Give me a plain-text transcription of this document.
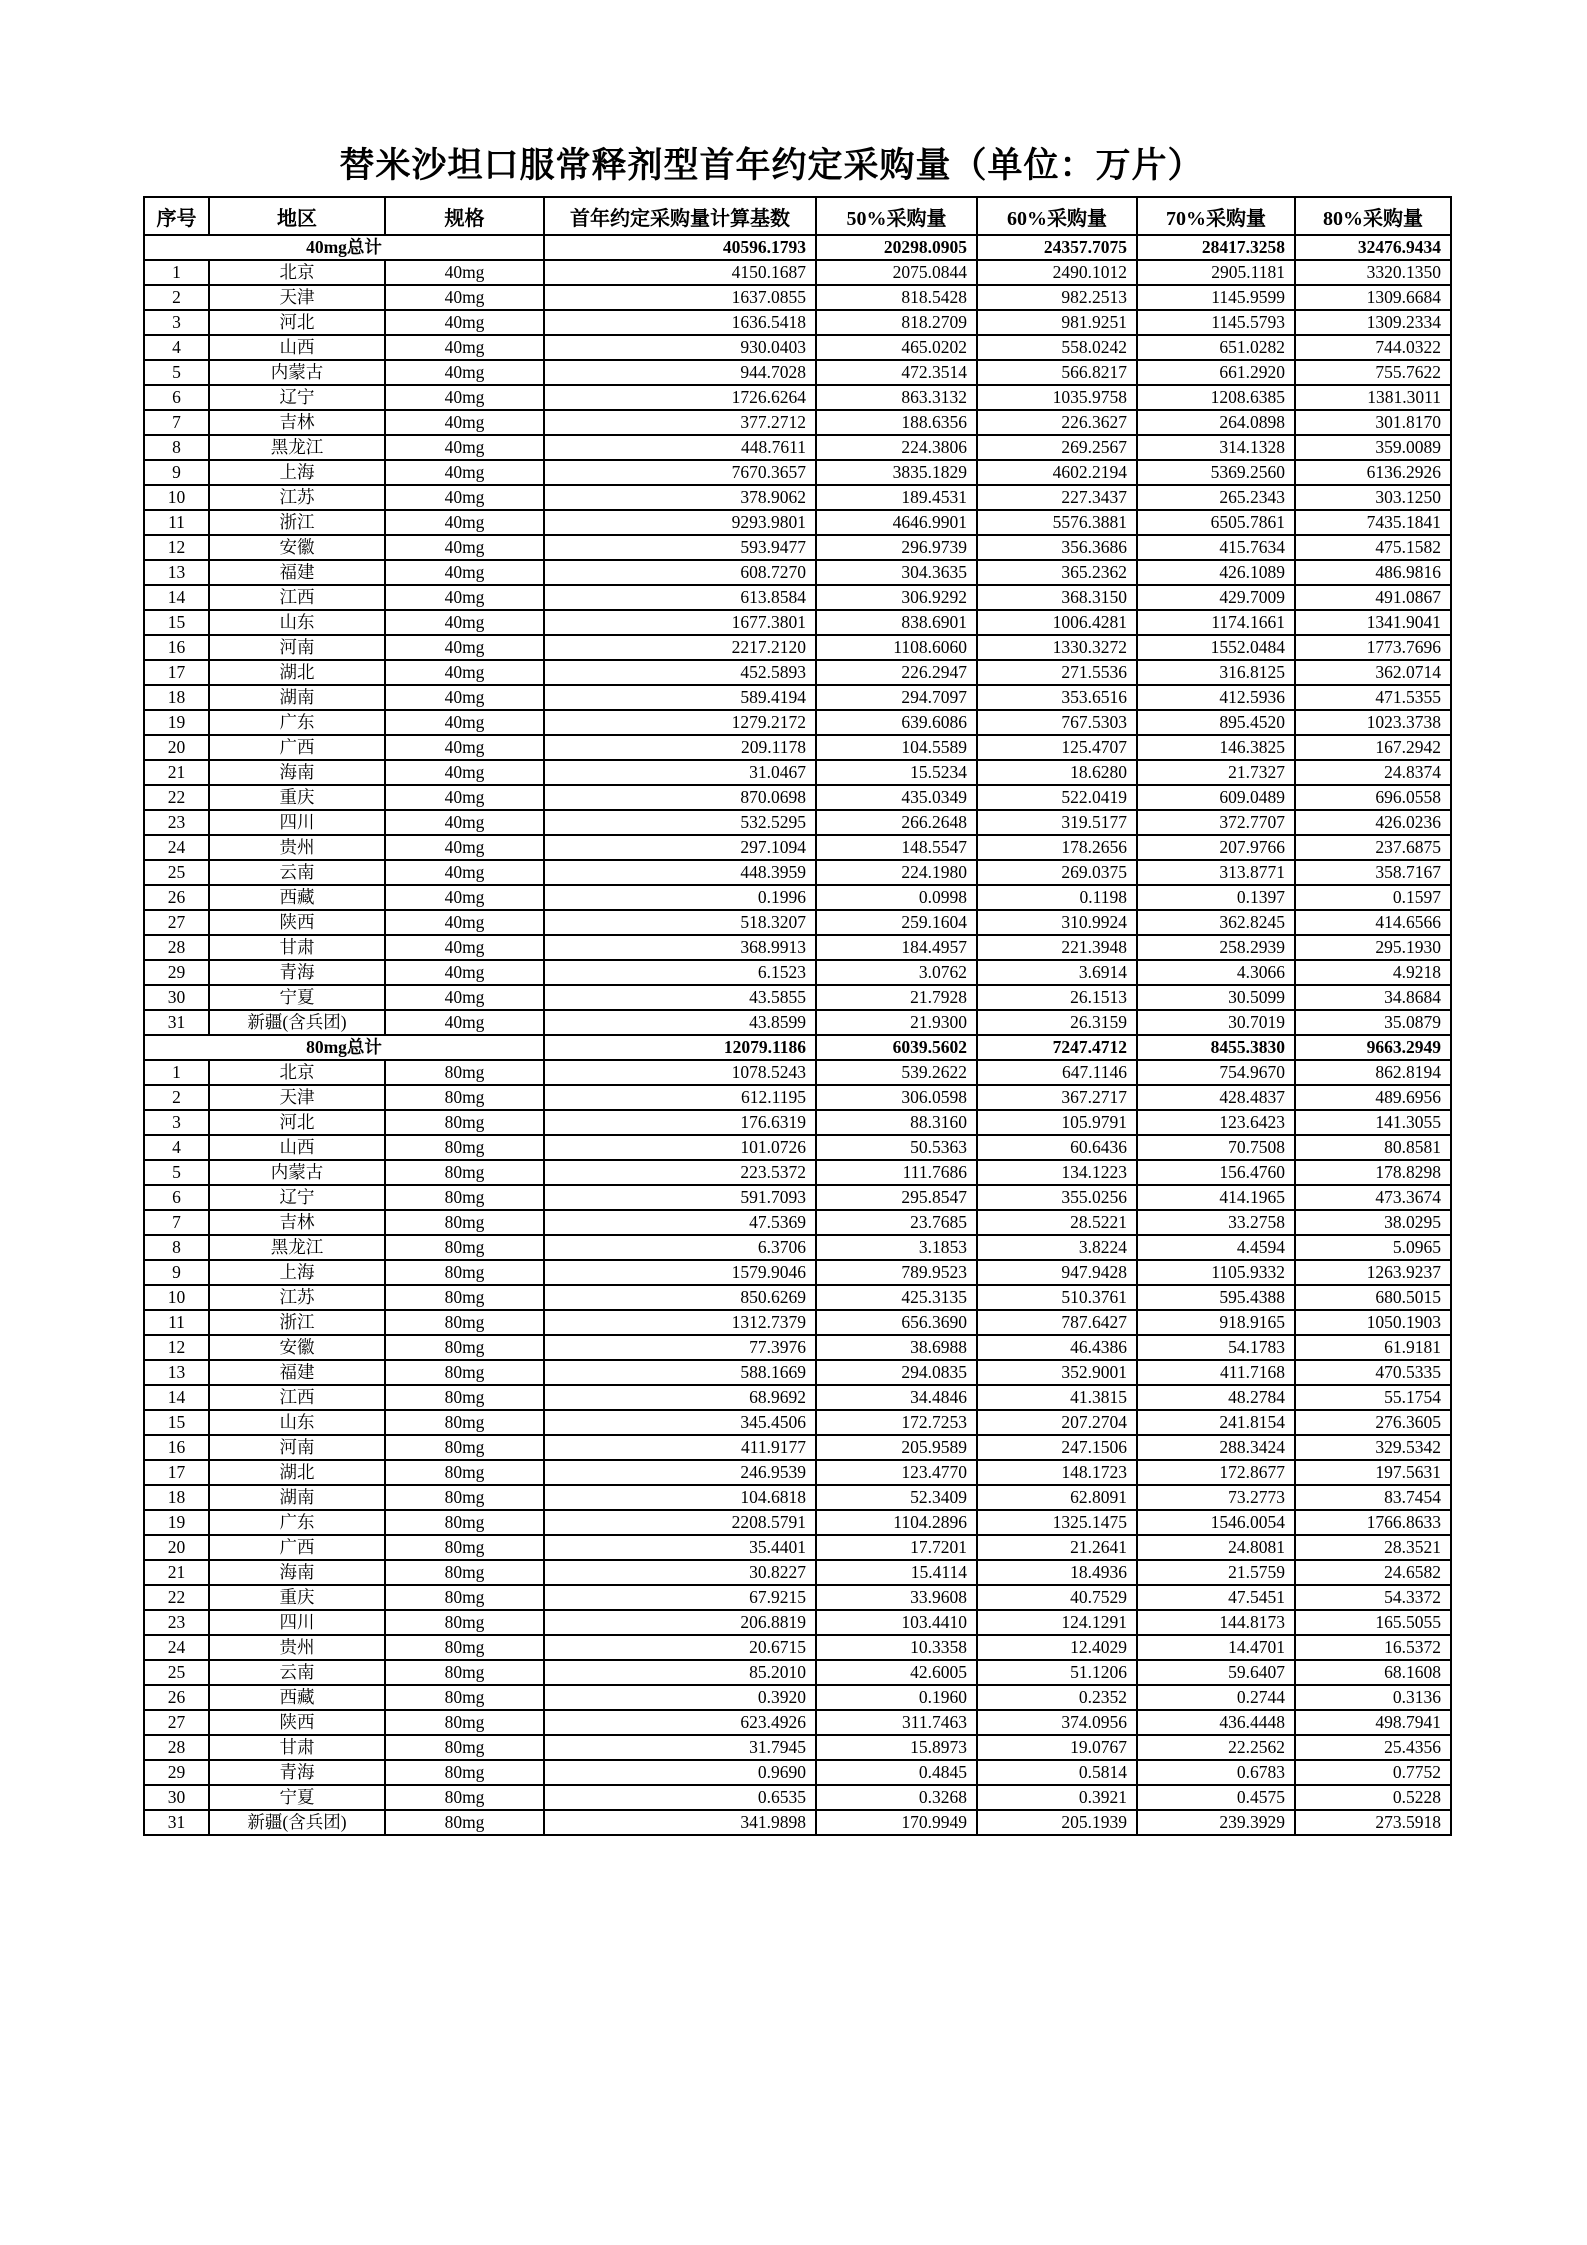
替米沙坦口服常释剂型首年约定采购量（单位：万片）
序号	地区	规格	首年约定采购量计算基数	50%采购量	60%采购量	70%采购量	80%采购量
40mg总计			40596.1793	20298.0905	24357.7075	28417.3258	32476.9434
1	北京	40mg	4150.1687	2075.0844	2490.1012	2905.1181	3320.1350
2	天津	40mg	1637.0855	818.5428	982.2513	1145.9599	1309.6684
3	河北	40mg	1636.5418	818.2709	981.9251	1145.5793	1309.2334
4	山西	40mg	930.0403	465.0202	558.0242	651.0282	744.0322
5	内蒙古	40mg	944.7028	472.3514	566.8217	661.2920	755.7622
6	辽宁	40mg	1726.6264	863.3132	1035.9758	1208.6385	1381.3011
7	吉林	40mg	377.2712	188.6356	226.3627	264.0898	301.8170
8	黑龙江	40mg	448.7611	224.3806	269.2567	314.1328	359.0089
9	上海	40mg	7670.3657	3835.1829	4602.2194	5369.2560	6136.2926
10	江苏	40mg	378.9062	189.4531	227.3437	265.2343	303.1250
11	浙江	40mg	9293.9801	4646.9901	5576.3881	6505.7861	7435.1841
12	安徽	40mg	593.9477	296.9739	356.3686	415.7634	475.1582
13	福建	40mg	608.7270	304.3635	365.2362	426.1089	486.9816
14	江西	40mg	613.8584	306.9292	368.3150	429.7009	491.0867
15	山东	40mg	1677.3801	838.6901	1006.4281	1174.1661	1341.9041
16	河南	40mg	2217.2120	1108.6060	1330.3272	1552.0484	1773.7696
17	湖北	40mg	452.5893	226.2947	271.5536	316.8125	362.0714
18	湖南	40mg	589.4194	294.7097	353.6516	412.5936	471.5355
19	广东	40mg	1279.2172	639.6086	767.5303	895.4520	1023.3738
20	广西	40mg	209.1178	104.5589	125.4707	146.3825	167.2942
21	海南	40mg	31.0467	15.5234	18.6280	21.7327	24.8374
22	重庆	40mg	870.0698	435.0349	522.0419	609.0489	696.0558
23	四川	40mg	532.5295	266.2648	319.5177	372.7707	426.0236
24	贵州	40mg	297.1094	148.5547	178.2656	207.9766	237.6875
25	云南	40mg	448.3959	224.1980	269.0375	313.8771	358.7167
26	西藏	40mg	0.1996	0.0998	0.1198	0.1397	0.1597
27	陕西	40mg	518.3207	259.1604	310.9924	362.8245	414.6566
28	甘肃	40mg	368.9913	184.4957	221.3948	258.2939	295.1930
29	青海	40mg	6.1523	3.0762	3.6914	4.3066	4.9218
30	宁夏	40mg	43.5855	21.7928	26.1513	30.5099	34.8684
31	新疆(含兵团)	40mg	43.8599	21.9300	26.3159	30.7019	35.0879
80mg总计			12079.1186	6039.5602	7247.4712	8455.3830	9663.2949
1	北京	80mg	1078.5243	539.2622	647.1146	754.9670	862.8194
2	天津	80mg	612.1195	306.0598	367.2717	428.4837	489.6956
3	河北	80mg	176.6319	88.3160	105.9791	123.6423	141.3055
4	山西	80mg	101.0726	50.5363	60.6436	70.7508	80.8581
5	内蒙古	80mg	223.5372	111.7686	134.1223	156.4760	178.8298
6	辽宁	80mg	591.7093	295.8547	355.0256	414.1965	473.3674
7	吉林	80mg	47.5369	23.7685	28.5221	33.2758	38.0295
8	黑龙江	80mg	6.3706	3.1853	3.8224	4.4594	5.0965
9	上海	80mg	1579.9046	789.9523	947.9428	1105.9332	1263.9237
10	江苏	80mg	850.6269	425.3135	510.3761	595.4388	680.5015
11	浙江	80mg	1312.7379	656.3690	787.6427	918.9165	1050.1903
12	安徽	80mg	77.3976	38.6988	46.4386	54.1783	61.9181
13	福建	80mg	588.1669	294.0835	352.9001	411.7168	470.5335
14	江西	80mg	68.9692	34.4846	41.3815	48.2784	55.1754
15	山东	80mg	345.4506	172.7253	207.2704	241.8154	276.3605
16	河南	80mg	411.9177	205.9589	247.1506	288.3424	329.5342
17	湖北	80mg	246.9539	123.4770	148.1723	172.8677	197.5631
18	湖南	80mg	104.6818	52.3409	62.8091	73.2773	83.7454
19	广东	80mg	2208.5791	1104.2896	1325.1475	1546.0054	1766.8633
20	广西	80mg	35.4401	17.7201	21.2641	24.8081	28.3521
21	海南	80mg	30.8227	15.4114	18.4936	21.5759	24.6582
22	重庆	80mg	67.9215	33.9608	40.7529	47.5451	54.3372
23	四川	80mg	206.8819	103.4410	124.1291	144.8173	165.5055
24	贵州	80mg	20.6715	10.3358	12.4029	14.4701	16.5372
25	云南	80mg	85.2010	42.6005	51.1206	59.6407	68.1608
26	西藏	80mg	0.3920	0.1960	0.2352	0.2744	0.3136
27	陕西	80mg	623.4926	311.7463	374.0956	436.4448	498.7941
28	甘肃	80mg	31.7945	15.8973	19.0767	22.2562	25.4356
29	青海	80mg	0.9690	0.4845	0.5814	0.6783	0.7752
30	宁夏	80mg	0.6535	0.3268	0.3921	0.4575	0.5228
31	新疆(含兵团)	80mg	341.9898	170.9949	205.1939	239.3929	273.5918
